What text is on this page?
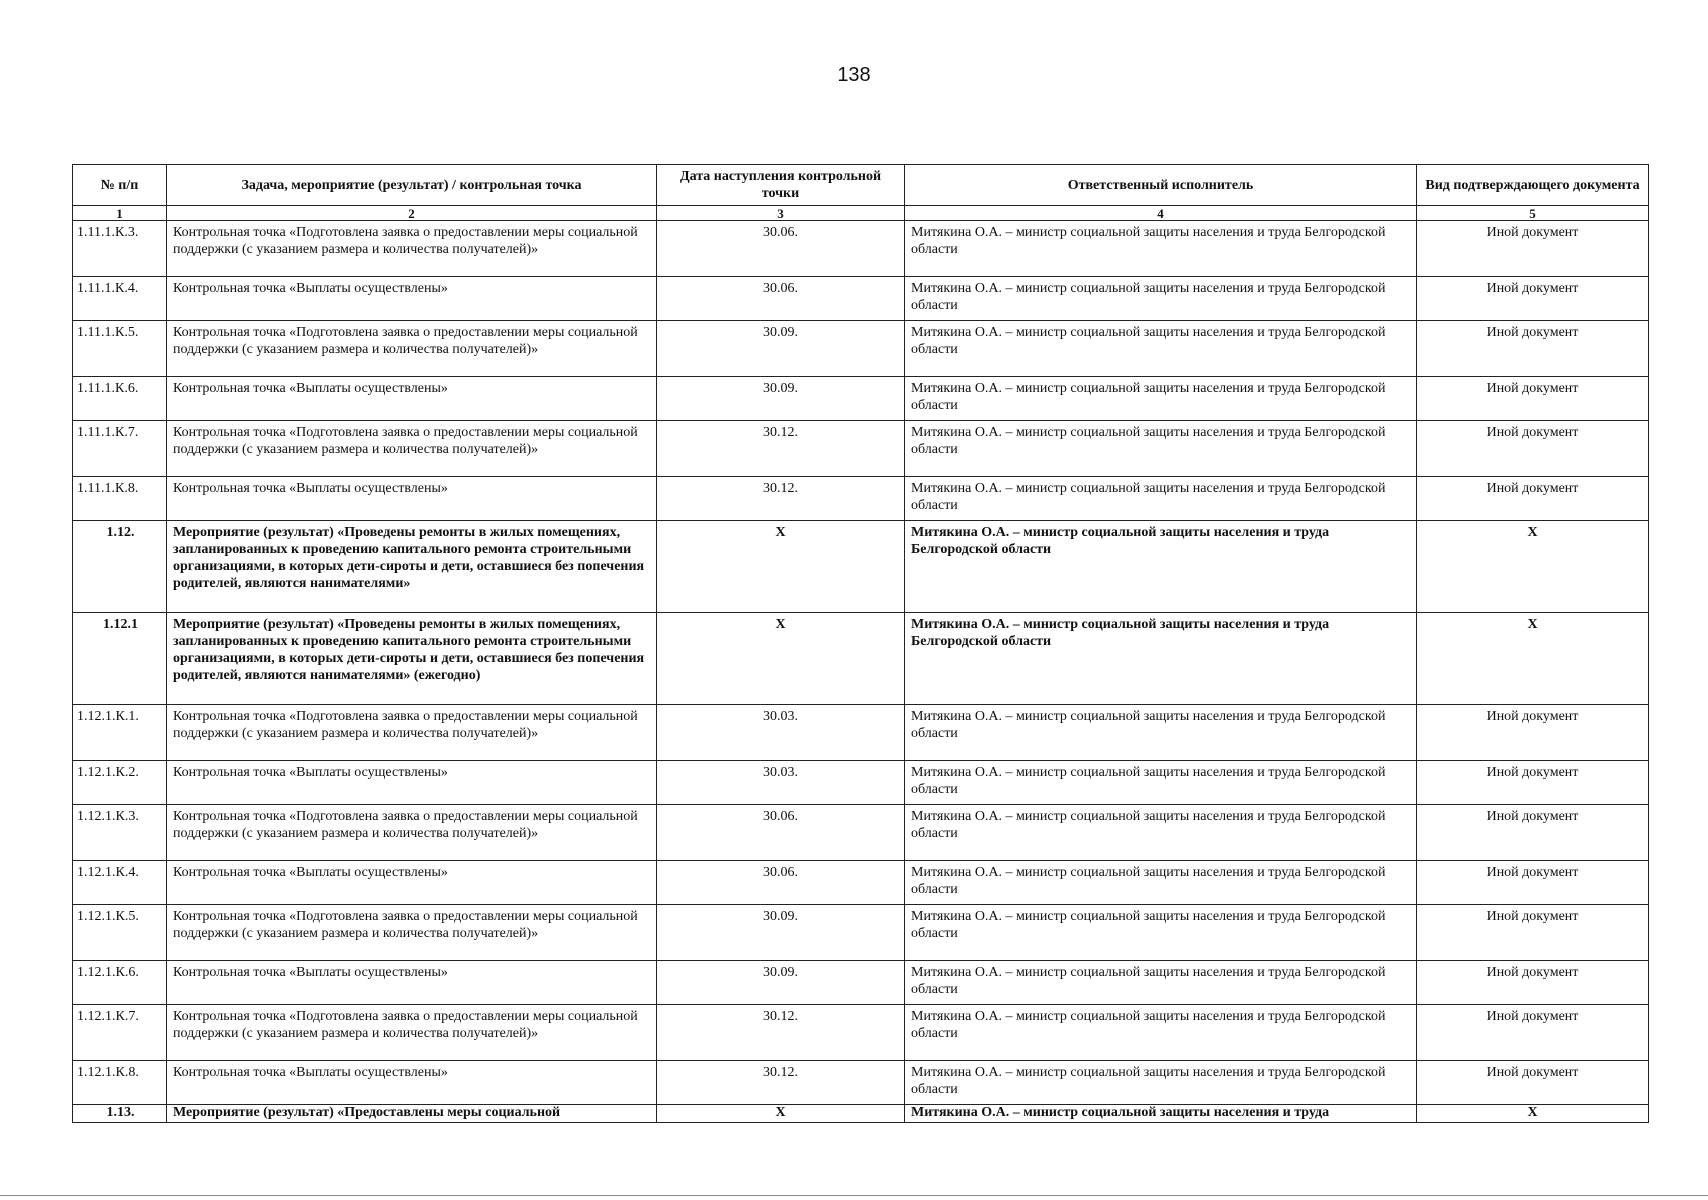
138
№ п/п	Задача, мероприятие (результат) / контрольная точка	Дата наступления контрольной точки	Ответственный исполнитель	Вид подтверждающего документа
1	2	3	4	5
1.11.1.К.3.	Контрольная точка «Подготовлена заявка о предоставлении меры социальной поддержки (с указанием размера и количества получателей)»	30.06.	Митякина О.А. – министр социальной защиты населения и труда Белгородской области	Иной документ
1.11.1.К.4.	Контрольная точка «Выплаты осуществлены»	30.06.	Митякина О.А. – министр социальной защиты населения и труда Белгородской области	Иной документ
1.11.1.К.5.	Контрольная точка «Подготовлена заявка о предоставлении меры социальной поддержки (с указанием размера и количества получателей)»	30.09.	Митякина О.А. – министр социальной защиты населения и труда Белгородской области	Иной документ
1.11.1.К.6.	Контрольная точка «Выплаты осуществлены»	30.09.	Митякина О.А. – министр социальной защиты населения и труда Белгородской области	Иной документ
1.11.1.К.7.	Контрольная точка «Подготовлена заявка о предоставлении меры социальной поддержки (с указанием размера и количества получателей)»	30.12.	Митякина О.А. – министр социальной защиты населения и труда Белгородской области	Иной документ
1.11.1.К.8.	Контрольная точка «Выплаты осуществлены»	30.12.	Митякина О.А. – министр социальной защиты населения и труда Белгородской области	Иной документ
1.12.	Мероприятие (результат) «Проведены ремонты в жилых помещениях, запланированных к проведению капитального ремонта строительными организациями, в которых дети-сироты и дети, оставшиеся без попечения родителей, являются нанимателями»	Х	Митякина О.А. – министр социальной защиты населения и труда Белгородской области	Х
1.12.1	Мероприятие (результат) «Проведены ремонты в жилых помещениях, запланированных к проведению капитального ремонта строительными организациями, в которых дети-сироты и дети, оставшиеся без попечения родителей, являются нанимателями» (ежегодно)	Х	Митякина О.А. – министр социальной защиты населения и труда Белгородской области	Х
1.12.1.К.1.	Контрольная точка «Подготовлена заявка о предоставлении меры социальной поддержки (с указанием размера и количества получателей)»	30.03.	Митякина О.А. – министр социальной защиты населения и труда Белгородской области	Иной документ
1.12.1.К.2.	Контрольная точка «Выплаты осуществлены»	30.03.	Митякина О.А. – министр социальной защиты населения и труда Белгородской области	Иной документ
1.12.1.К.3.	Контрольная точка «Подготовлена заявка о предоставлении меры социальной поддержки (с указанием размера и количества получателей)»	30.06.	Митякина О.А. – министр социальной защиты населения и труда Белгородской области	Иной документ
1.12.1.К.4.	Контрольная точка «Выплаты осуществлены»	30.06.	Митякина О.А. – министр социальной защиты населения и труда Белгородской области	Иной документ
1.12.1.К.5.	Контрольная точка «Подготовлена заявка о предоставлении меры социальной поддержки (с указанием размера и количества получателей)»	30.09.	Митякина О.А. – министр социальной защиты населения и труда Белгородской области	Иной документ
1.12.1.К.6.	Контрольная точка «Выплаты осуществлены»	30.09.	Митякина О.А. – министр социальной защиты населения и труда Белгородской области	Иной документ
1.12.1.К.7.	Контрольная точка «Подготовлена заявка о предоставлении меры социальной поддержки (с указанием размера и количества получателей)»	30.12.	Митякина О.А. – министр социальной защиты населения и труда Белгородской области	Иной документ
1.12.1.К.8.	Контрольная точка «Выплаты осуществлены»	30.12.	Митякина О.А. – министр социальной защиты населения и труда Белгородской области	Иной документ
1.13.	Мероприятие (результат) «Предоставлены меры социальной	Х	Митякина О.А. – министр социальной защиты населения и труда	Х
